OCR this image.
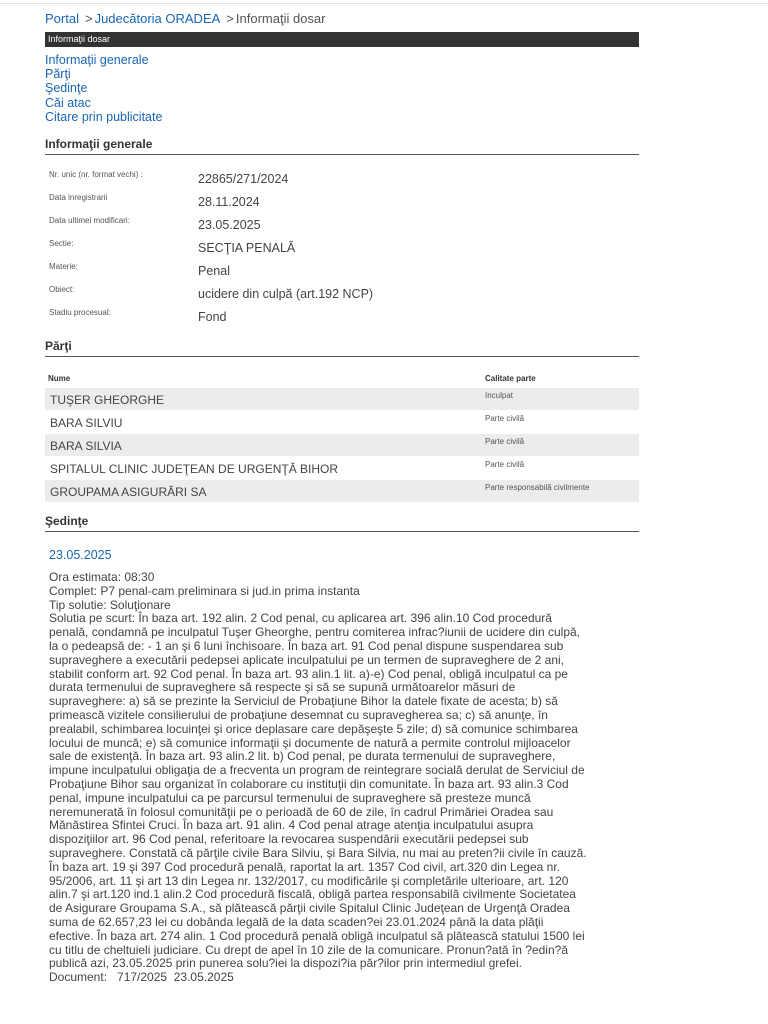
Portal > Judecătoria ORADEA > Informaţii dosar
Informaţii dosar
Informaţii generale
Părţi
Şedinţe
Căi atac
Citare prin publicitate
Informaţii generale
Nr. unic (nr. format vechi) :	22865/271/2024
Data inregistrarii	28.11.2024
Data ultimei modificari:	23.05.2025
Sectie:	SECŢIA PENALĂ
Materie:	Penal
Obiect:	ucidere din culpă (art.192 NCP)
Stadiu procesual:	Fond
Părţi
Nume	Calitate parte
TUŞER GHEORGHE	Inculpat
BARA SILVIU	Parte civilă
BARA SILVIA	Parte civilă
SPITALUL CLINIC JUDEŢEAN DE URGENŢĂ BIHOR	Parte civilă
GROUPAMA ASIGURĂRI SA	Parte responsabilă civilmente
Şedinţe
23.05.2025
Ora estimata: 08:30
Complet: P7 penal-cam preliminara si jud.in prima instanta
Tip solutie: Soluţionare
Solutia pe scurt: În baza art. 192 alin. 2 Cod penal, cu aplicarea art. 396 alin.10 Cod procedură
penală, condamnă pe inculpatul Tuşer Gheorghe, pentru comiterea infrac?iunii de ucidere din culpă,
la o pedeapsă de: - 1 an şi 6 luni închisoare. În baza art. 91 Cod penal dispune suspendarea sub
supraveghere a executării pedepsei aplicate inculpatului pe un termen de supraveghere de 2 ani,
stabilit conform art. 92 Cod penal. În baza art. 93 alin.1 lit. a)-e) Cod penal, obligă inculpatul ca pe
durata termenului de supraveghere să respecte şi să se supună următoarelor măsuri de
supraveghere: a) să se prezinte la Serviciul de Probaţiune Bihor la datele fixate de acesta; b) să
primească vizitele consilierului de probaţiune desemnat cu supravegherea sa; c) să anunţe, în
prealabil, schimbarea locuinţei şi orice deplasare care depăşeşte 5 zile; d) să comunice schimbarea
locului de muncă; e) să comunice informaţii şi documente de natură a permite controlul mijloacelor
sale de existenţă. În baza art. 93 alin.2 lit. b) Cod penal, pe durata termenului de supraveghere,
impune inculpatului obligaţia de a frecventa un program de reintegrare socială derulat de Serviciul de
Probaţiune Bihor sau organizat în colaborare cu instituţii din comunitate. În baza art. 93 alin.3 Cod
penal, impune inculpatului ca pe parcursul termenului de supraveghere să presteze muncă
neremunerată în folosul comunităţii pe o perioadă de 60 de zile, în cadrul Primăriei Oradea sau
Mănăstirea Sfintei Cruci. În baza art. 91 alin. 4 Cod penal atrage atenţia inculpatului asupra
dispoziţiilor art. 96 Cod penal, referitoare la revocarea suspendării executării pedepsei sub
supraveghere. Constată că părţile civile Bara Silviu, şi Bara Silvia, nu mai au preten?ii civile în cauză.
În baza art. 19 şi 397 Cod procedură penală, raportat la art. 1357 Cod civil, art.320 din Legea nr.
95/2006, art. 11 şi art 13 din Legea nr. 132/2017, cu modificările şi completările ulterioare, art. 120
alin.7 şi art.120 ind.1 alin.2 Cod procedură fiscală, obligă partea responsabilă civilmente Societatea
de Asigurare Groupama S.A., să plătească părţii civile Spitalul Clinic Judeţean de Urgenţă Oradea
suma de 62.657,23 lei cu dobânda legală de la data scaden?ei 23.01.2024 până la data plăţii
efective. În baza art. 274 alin. 1 Cod procedură penală obligă inculpatul să plătească statului 1500 lei
cu titlu de cheltuieli judiciare. Cu drept de apel în 10 zile de la comunicare. Pronun?ată în ?edin?ă
publică azi, 23.05.2025 prin punerea solu?iei la dispozi?ia păr?ilor prin intermediul grefei.
Document:   717/2025  23.05.2025
